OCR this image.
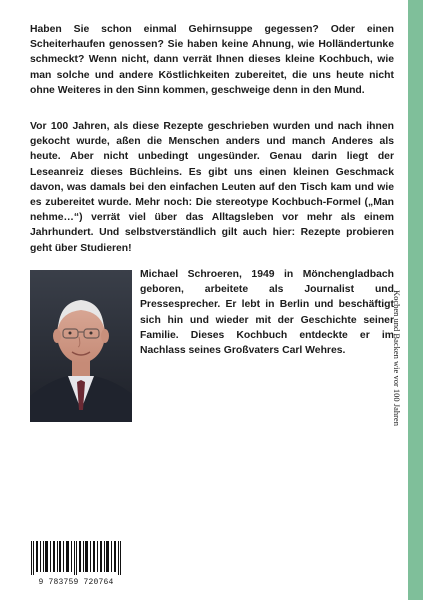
Haben Sie schon einmal Gehirnsuppe gegessen? Oder einen Scheiterhaufen genossen? Sie haben keine Ahnung, wie Holländertunke schmeckt? Wenn nicht, dann verrät Ihnen dieses kleine Kochbuch, wie man solche und andere Köstlichkeiten zubereitet, die uns heute nicht ohne Weiteres in den Sinn kommen, geschweige denn in den Mund.

Vor 100 Jahren, als diese Rezepte geschrieben wurden und nach ihnen gekocht wurde, aßen die Menschen anders und manch Anderes als heute. Aber nicht unbedingt ungesünder. Genau darin liegt der Leseanreiz dieses Büchleins. Es gibt uns einen kleinen Geschmack davon, was damals bei den einfachen Leuten auf den Tisch kam und wie es zubereitet wurde. Mehr noch: Die stereotype Kochbuch-Formel („Man nehme…“) verrät viel über das Alltagsleben vor mehr als einem Jahrhundert. Und selbstverständlich gilt auch hier: Rezepte probieren geht über Studieren!

Michael Schroeren, 1949 in Mönchengladbach geboren, arbeitete als Journalist und Pressesprecher. Er lebt in Berlin und beschäftigt sich hin und wieder mit der Geschichte seiner Familie. Dieses Kochbuch entdeckte er im Nachlass seines Großvaters Carl Wehres.

9 783759 720764
Kochen und Backen wie vor 100 Jahren
